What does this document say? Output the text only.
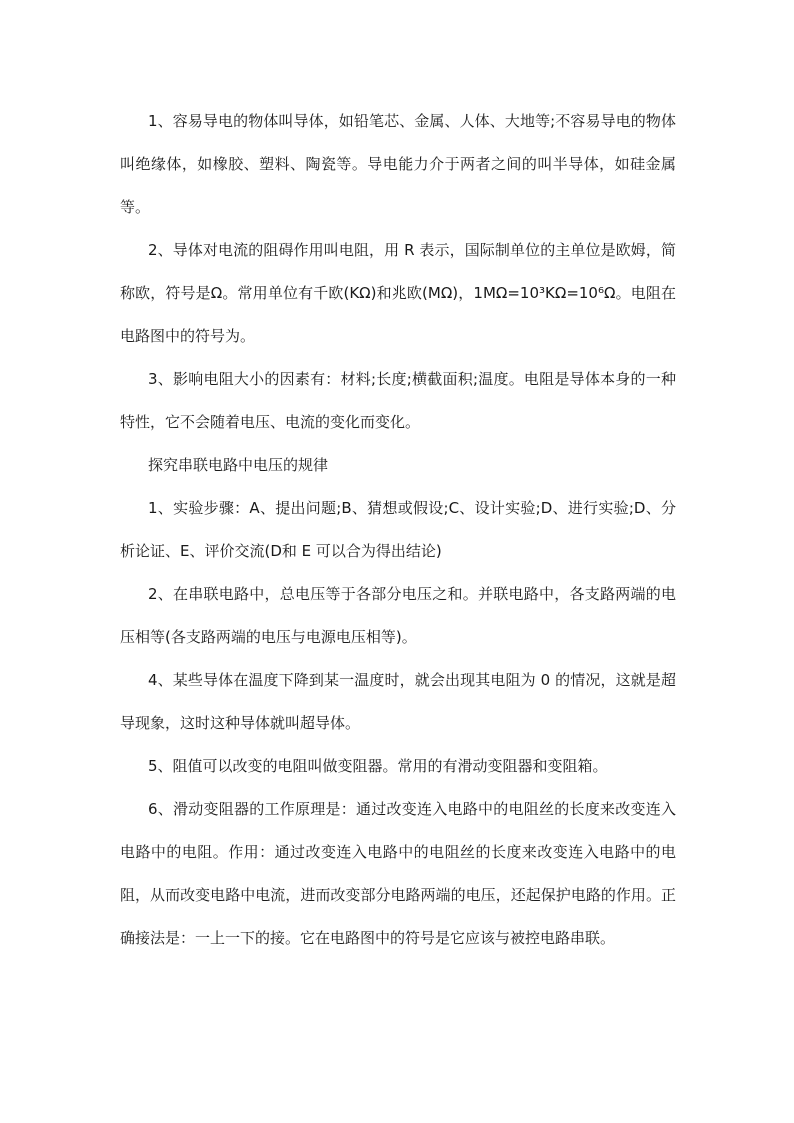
1、容易导电的物体叫导体，如铅笔芯、金属、人体、大地等;不容易导电的物体叫绝缘体，如橡胶、塑料、陶瓷等。导电能力介于两者之间的叫半导体，如硅金属等。

2、导体对电流的阻碍作用叫电阻，用 R 表示，国际制单位的主单位是欧姆，简称欧，符号是Ω。常用单位有千欧(KΩ)和兆欧(MΩ)，1MΩ=10³KΩ=10⁶Ω。电阻在电路图中的符号为。

3、影响电阻大小的因素有：材料;长度;横截面积;温度。电阻是导体本身的一种特性，它不会随着电压、电流的变化而变化。

探究串联电路中电压的规律

1、实验步骤：A、提出问题;B、猜想或假设;C、设计实验;D、进行实验;D、分析论证、E、评价交流(D和 E 可以合为得出结论)

2、在串联电路中，总电压等于各部分电压之和。并联电路中，各支路两端的电压相等(各支路两端的电压与电源电压相等)。

4、某些导体在温度下降到某一温度时，就会出现其电阻为 0 的情况，这就是超导现象，这时这种导体就叫超导体。

5、阻值可以改变的电阻叫做变阻器。常用的有滑动变阻器和变阻箱。

6、滑动变阻器的工作原理是：通过改变连入电路中的电阻丝的长度来改变连入电路中的电阻。作用：通过改变连入电路中的电阻丝的长度来改变连入电路中的电阻，从而改变电路中电流，进而改变部分电路两端的电压，还起保护电路的作用。正确接法是：一上一下的接。它在电路图中的符号是它应该与被控电路串联。
